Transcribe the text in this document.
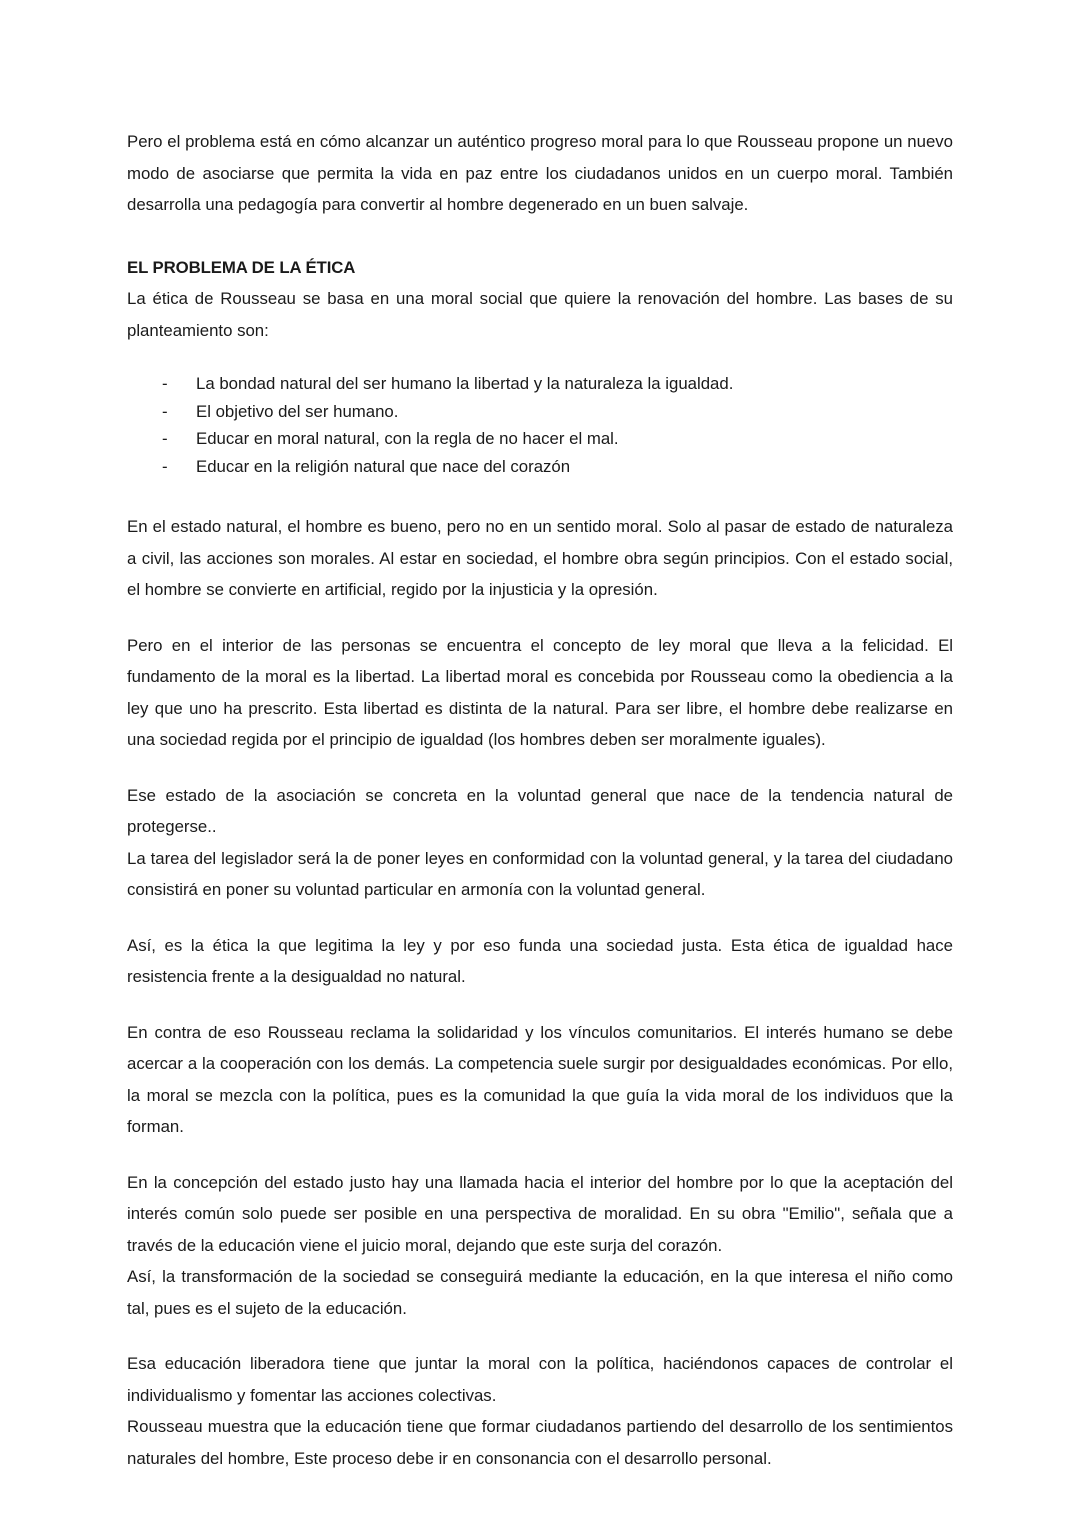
Pero el problema está en cómo alcanzar un auténtico progreso moral para lo que Rousseau propone un nuevo modo de asociarse que permita la vida en paz entre los ciudadanos unidos en un cuerpo moral. También desarrolla una pedagogía para convertir al hombre degenerado en un buen salvaje.

EL PROBLEMA DE LA ÉTICA

La ética de Rousseau se basa en una moral social que quiere la renovación del hombre. Las bases de su planteamiento son:

- La bondad natural del ser humano la libertad y la naturaleza la igualdad.
- El objetivo del ser humano.
- Educar en moral natural, con la regla de no hacer el mal.
- Educar en la religión natural que nace del corazón

En el estado natural, el hombre es bueno, pero no en un sentido moral. Solo al pasar de estado de naturaleza a civil, las acciones son morales. Al estar en sociedad, el hombre obra según principios. Con el estado social, el hombre se convierte en artificial, regido por la injusticia y la opresión.

Pero en el interior de las personas se encuentra el concepto de ley moral que lleva a la felicidad. El fundamento de la moral es la libertad. La libertad moral es concebida por Rousseau como la obediencia a la ley que uno ha prescrito. Esta libertad es distinta de la natural. Para ser libre, el hombre debe realizarse en una sociedad regida por el principio de igualdad (los hombres deben ser moralmente iguales).

Ese estado de la asociación se concreta en la voluntad general que nace de la tendencia natural de protegerse..

La tarea del legislador será la de poner leyes en conformidad con la voluntad general, y la tarea del ciudadano consistirá en poner su voluntad particular en armonía con la voluntad general.

Así, es la ética la que legitima la ley y por eso funda una sociedad justa. Esta ética de igualdad hace resistencia frente a la desigualdad no natural.

En contra de eso Rousseau reclama la solidaridad y los vínculos comunitarios. El interés humano se debe acercar a la cooperación con los demás. La competencia suele surgir por desigualdades económicas. Por ello, la moral se mezcla con la política, pues es la comunidad la que guía la vida moral de los individuos que la forman.

En la concepción del estado justo hay una llamada hacia el interior del hombre por lo que la aceptación del interés común solo puede ser posible en una perspectiva de moralidad. En su obra "Emilio", señala que a través de la educación viene el juicio moral, dejando que este surja del corazón.

Así, la transformación de la sociedad se conseguirá mediante la educación, en la que interesa el niño como tal, pues es el sujeto de la educación.

Esa educación liberadora tiene que juntar la moral con la política, haciéndonos capaces de controlar el individualismo y fomentar las acciones colectivas.

Rousseau muestra que la educación tiene que formar ciudadanos partiendo del desarrollo de los sentimientos naturales del hombre, Este proceso debe ir en consonancia con el desarrollo personal.
